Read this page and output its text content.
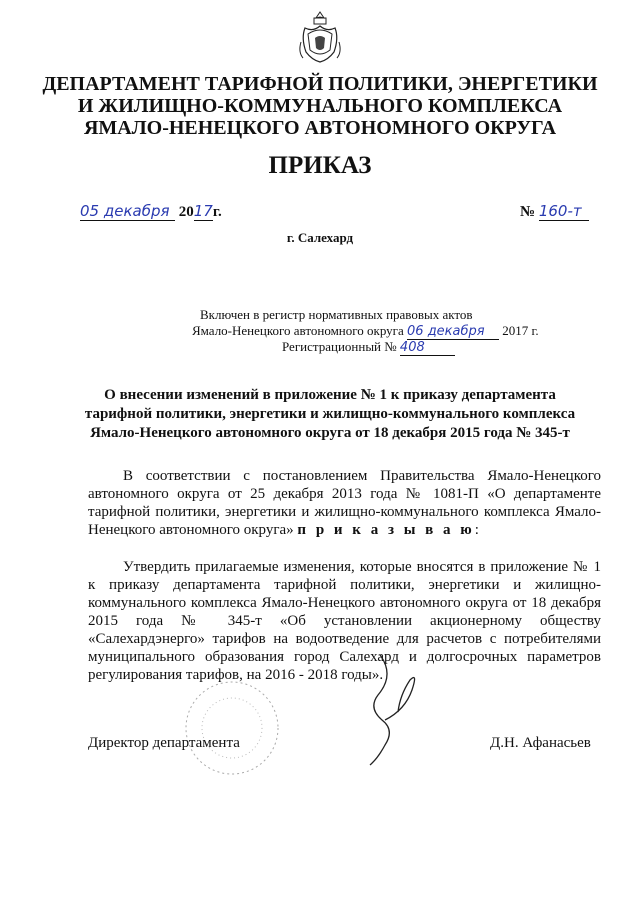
ДЕПАРТАМЕНТ ТАРИФНОЙ ПОЛИТИКИ, ЭНЕРГЕТИКИ
И ЖИЛИЩНО-КОММУНАЛЬНОГО КОМПЛЕКСА
ЯМАЛО-НЕНЕЦКОГО АВТОНОМНОГО ОКРУГА
ПРИКАЗ
05 декабря 2017г.	№ 160-т
г. Салехард
Включен в регистр нормативных правовых актов
Ямало-Ненецкого автономного округа 06 декабря 2017 г.
Регистрационный № 408
О внесении изменений в приложение № 1 к приказу департамента
тарифной политики, энергетики и жилищно-коммунального комплекса
Ямало-Ненецкого автономного округа от 18 декабря 2015 года № 345-т
В соответствии с постановлением Правительства Ямало-Ненецкого автономного округа от 25 декабря 2013 года № 1081-П «О департаменте тарифной политики, энергетики и жилищно-коммунального комплекса Ямало-Ненецкого автономного округа» п р и к а з ы в а ю:
Утвердить прилагаемые изменения, которые вносятся в приложение № 1 к приказу департамента тарифной политики, энергетики и жилищно-коммунального комплекса Ямало-Ненецкого автономного округа от 18 декабря 2015 года № 345-т «Об установлении акционерному обществу «Салехардэнерго» тарифов на водоотведение для расчетов с потребителями муниципального образования город Салехард и долгосрочных параметров регулирования тарифов, на 2016 - 2018 годы».
Директор департамента	Д.Н. Афанасьев
